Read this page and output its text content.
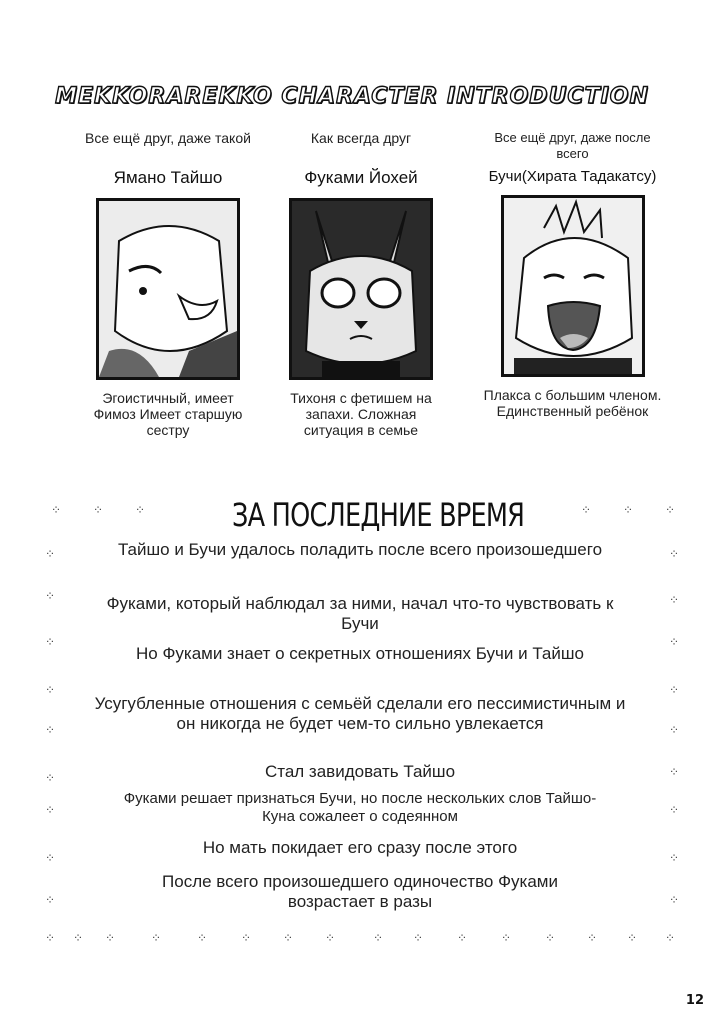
MEKKORAREKKO CHARACTER INTRODUCTION
Все ещё друг, даже такой
Ямано Тайшо
Эгоистичный, имеет Фимоз Имеет старшую сестру
Как всегда друг
Фуками Йохей
Тихоня с фетишем на запахи. Сложная ситуация в семье
Все ещё друг, даже после всего
Бучи(Хирата Тадакатсу)
Плакса с большим членом. Единственный ребёнок
⁘	⁘	⁘	⁘	⁘	⁘
⁘
⁘
⁘
⁘
⁘
⁘
⁘
⁘
⁘
⁘
⁘
⁘
⁘
⁘
⁘
⁘
⁘
⁘
⁘ ⁘ ⁘	⁘	⁘	⁘	⁘	⁘	⁘ ⁘	⁘	⁘	⁘	⁘ ⁘ ⁘
ЗА ПОСЛЕДНИЕ ВРЕМЯ

Тайшо и Бучи удалось поладить после всего произошедшего

Фуками, который наблюдал за ними, начал что-то чувствовать к Бучи

Но Фуками знает о секретных отношениях Бучи и Тайшо

Усугубленные отношения с семьёй сделали его пессимистичным и он никогда не будет чем-то сильно увлекается

Стал завидовать Тайшо

Фуками решает признаться Бучи, но после нескольких слов Тайшо-Куна сожалеет о содеянном

Но мать покидает его сразу после этого

После всего произошедшего одиночество Фуками возрастает в разы

12
